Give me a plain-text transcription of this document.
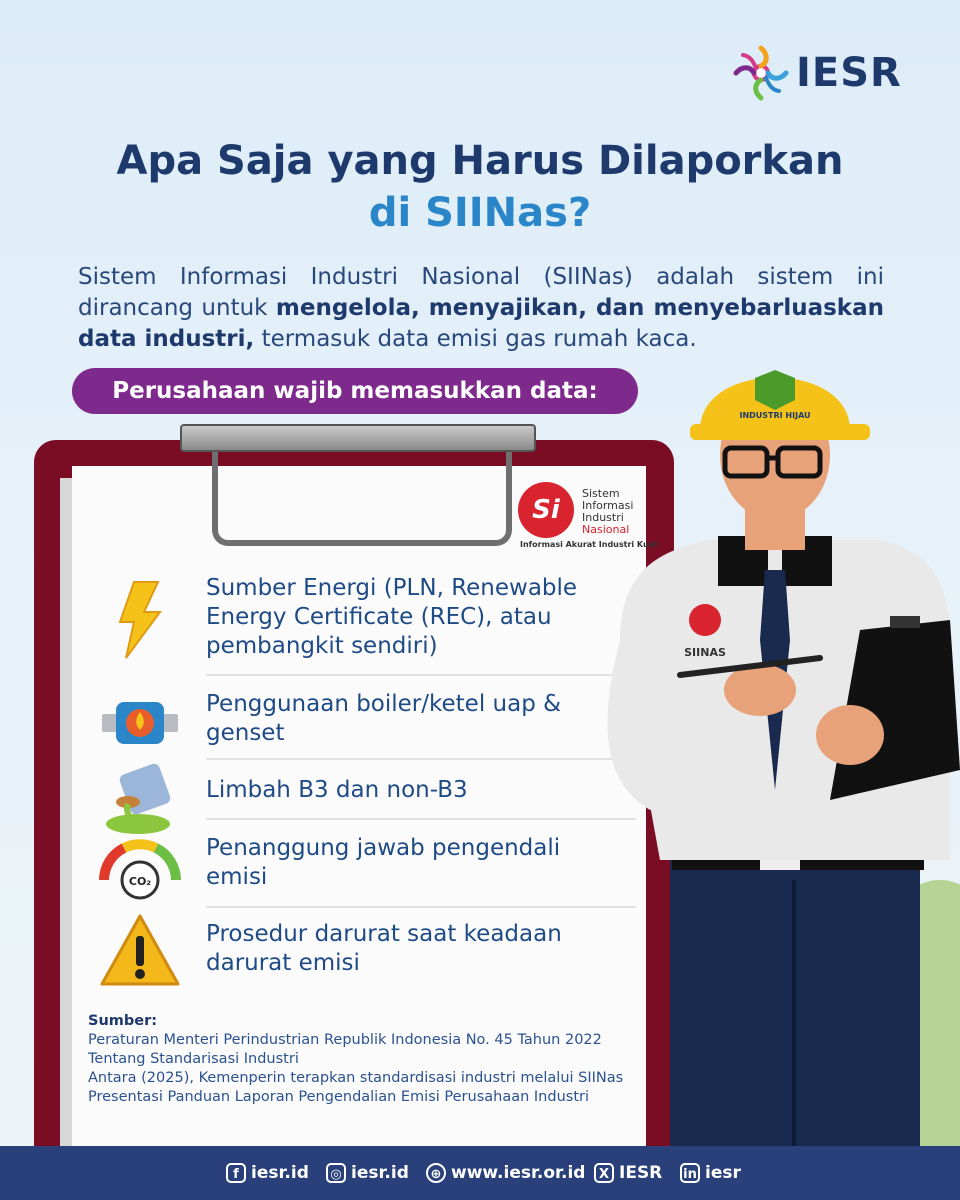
IESR
Apa Saja yang Harus Dilaporkan
di SIINas?
Sistem Informasi Industri Nasional (SIINas) adalah sistem ini dirancang untuk mengelola, menyajikan, dan menyebarluaskan data industri, termasuk data emisi gas rumah kaca.
Perusahaan wajib memasukkan data:
Si
Sistem
Informasi
Industri
Nasional
Informasi Akurat Industri Kuat
Sumber Energi (PLN, Renewable Energy Certificate (REC), atau pembangkit sendiri)
Penggunaan boiler/ketel uap & genset
Limbah B3 dan non-B3
CO₂
Penanggung jawab pengendali emisi
Prosedur darurat saat keadaan darurat emisi
Sumber:
Peraturan Menteri Perindustrian Republik Indonesia No. 45 Tahun 2022 Tentang Standarisasi Industri
Antara (2025), Kemenperin terapkan standardisasi industri melalui SIINas
Presentasi Panduan Laporan Pengendalian Emisi Perusahaan Industri
INDUSTRI HIJAU
SIINAS
f iesr.id	◎ iesr.id	⊕ www.iesr.or.id	X IESR in iesr
